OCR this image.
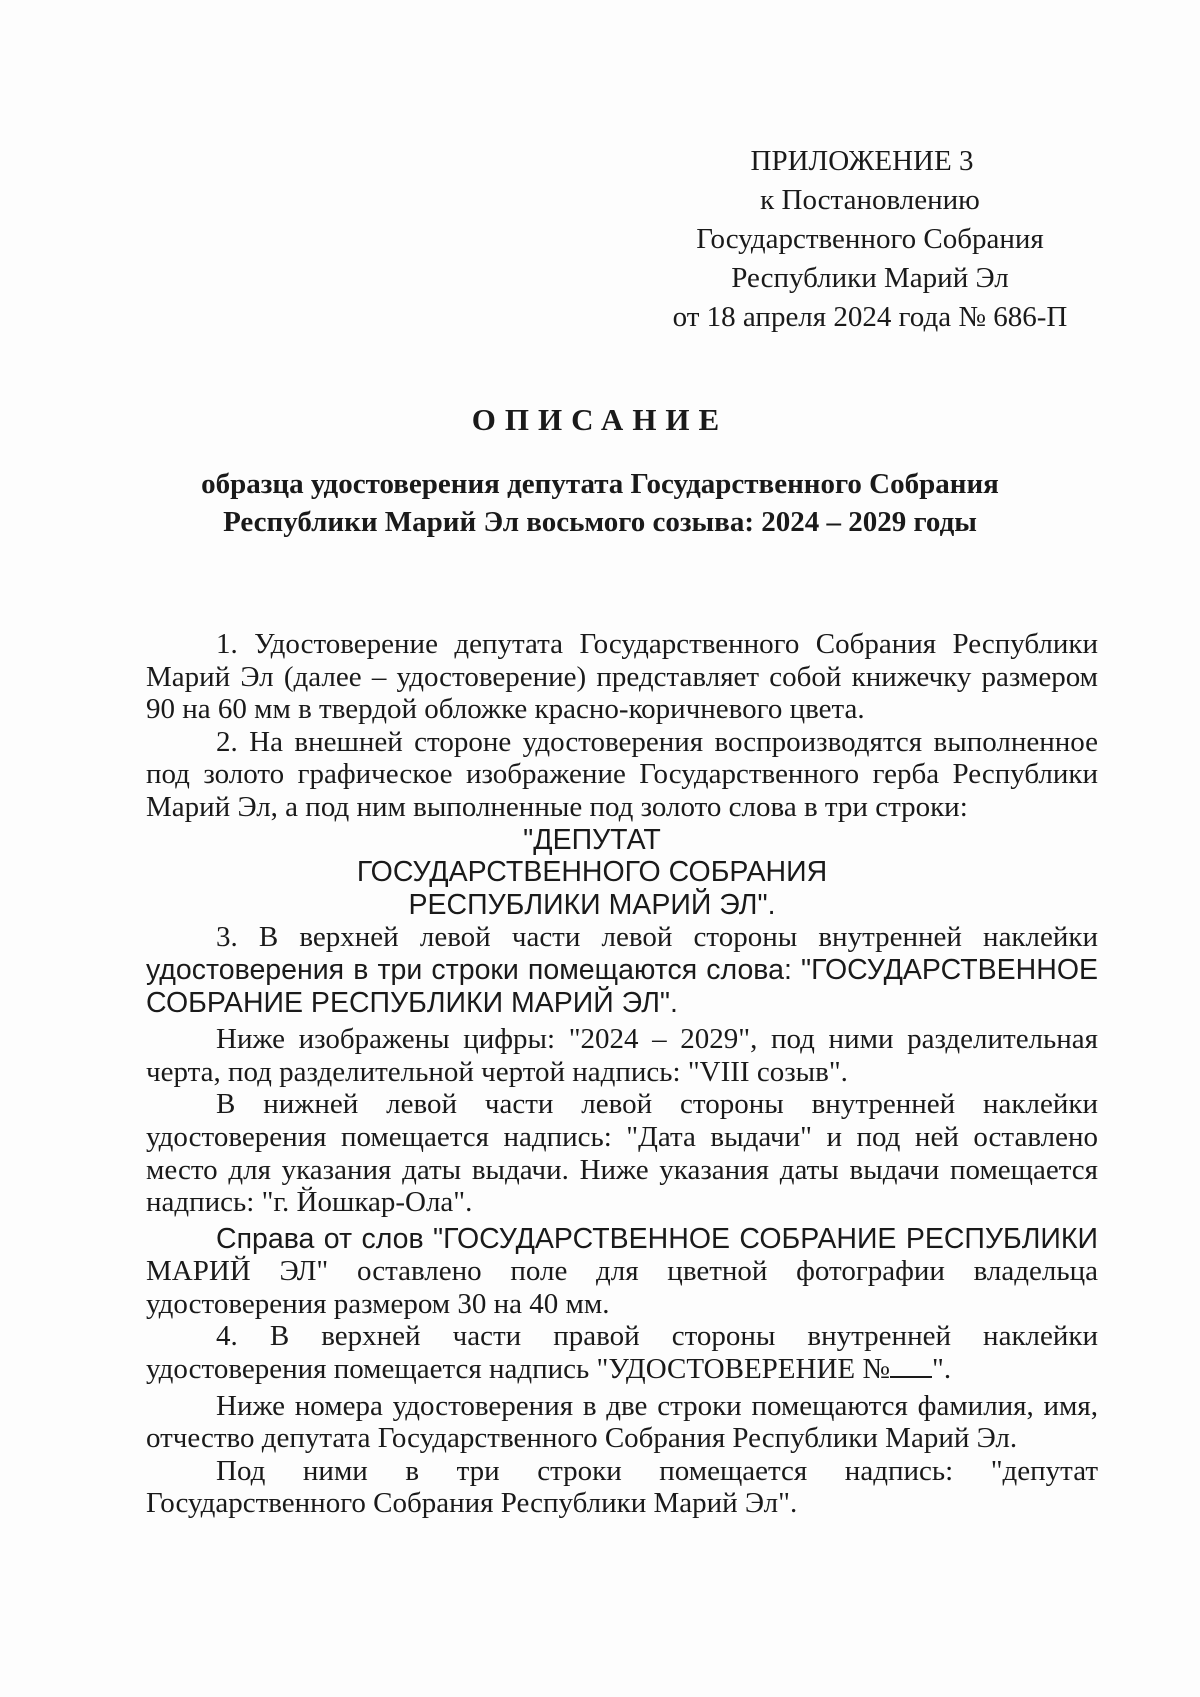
ПРИЛОЖЕНИЕ 3
к Постановлению
Государственного Собрания
Республики Марий Эл
от 18 апреля 2024 года № 686-П
ОПИСАНИЕ
образца удостоверения депутата Государственного Собрания
Республики Марий Эл восьмого созыва: 2024 – 2029 годы
1. Удостоверение депутата Государственного Собрания Республики
Марий Эл (далее – удостоверение) представляет собой книжечку размером
90 на 60 мм в твердой обложке красно-коричневого цвета.
2. На внешней стороне удостоверения воспроизводятся выполненное
под золото графическое изображение Государственного герба Республики
Марий Эл, а под ним выполненные под золото слова в три строки:
"ДЕПУТАТ
ГОСУДАРСТВЕННОГО СОБРАНИЯ
РЕСПУБЛИКИ МАРИЙ ЭЛ".
3. В верхней левой части левой стороны внутренней наклейки
удостоверения в три строки помещаются слова: "ГОСУДАРСТВЕННОЕ
СОБРАНИЕ РЕСПУБЛИКИ МАРИЙ ЭЛ".
Ниже изображены цифры: "2024 – 2029", под ними разделительная
черта, под разделительной чертой надпись: "VIII созыв".
В нижней левой части левой стороны внутренней наклейки
удостоверения помещается надпись: "Дата выдачи" и под ней оставлено
место для указания даты выдачи. Ниже указания даты выдачи помещается
надпись: "г. Йошкар-Ола".
Справа от слов "ГОСУДАРСТВЕННОЕ СОБРАНИЕ РЕСПУБЛИКИ
МАРИЙ ЭЛ" оставлено поле для цветной фотографии владельца
удостоверения размером 30 на 40 мм.
4. В верхней части правой стороны внутренней наклейки
удостоверения помещается надпись "УДОСТОВЕРЕНИЕ № ".
Ниже номера удостоверения в две строки помещаются фамилия, имя,
отчество депутата Государственного Собрания Республики Марий Эл.
Под ними в три строки помещается надпись: "депутат
Государственного Собрания Республики Марий Эл".
